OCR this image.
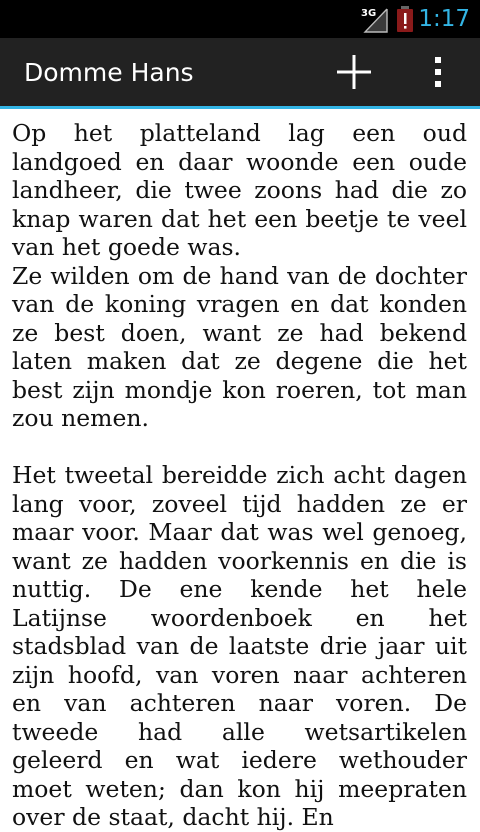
3G 1:17
Domme Hans

Op het platteland lag een oud landgoed en daar woonde een oude landheer, die twee zoons had die zo knap waren dat het een beetje te veel van het goede was.

Ze wilden om de hand van de dochter van de koning vragen en dat konden ze best doen, want ze had bekend laten maken dat ze degene die het best zijn mondje kon roeren, tot man zou nemen.

Het tweetal bereidde zich acht dagen lang voor, zoveel tijd hadden ze er maar voor. Maar dat was wel genoeg, want ze hadden voorkennis en die is nuttig. De ene kende het hele Latijnse woordenboek en het stadsblad van de laatste drie jaar uit zijn hoofd, van voren naar achteren en van achteren naar voren. De tweede had alle wetsartikelen geleerd en wat iedere wethouder moet weten; dan kon hij meepraten over de staat, dacht hij. En
